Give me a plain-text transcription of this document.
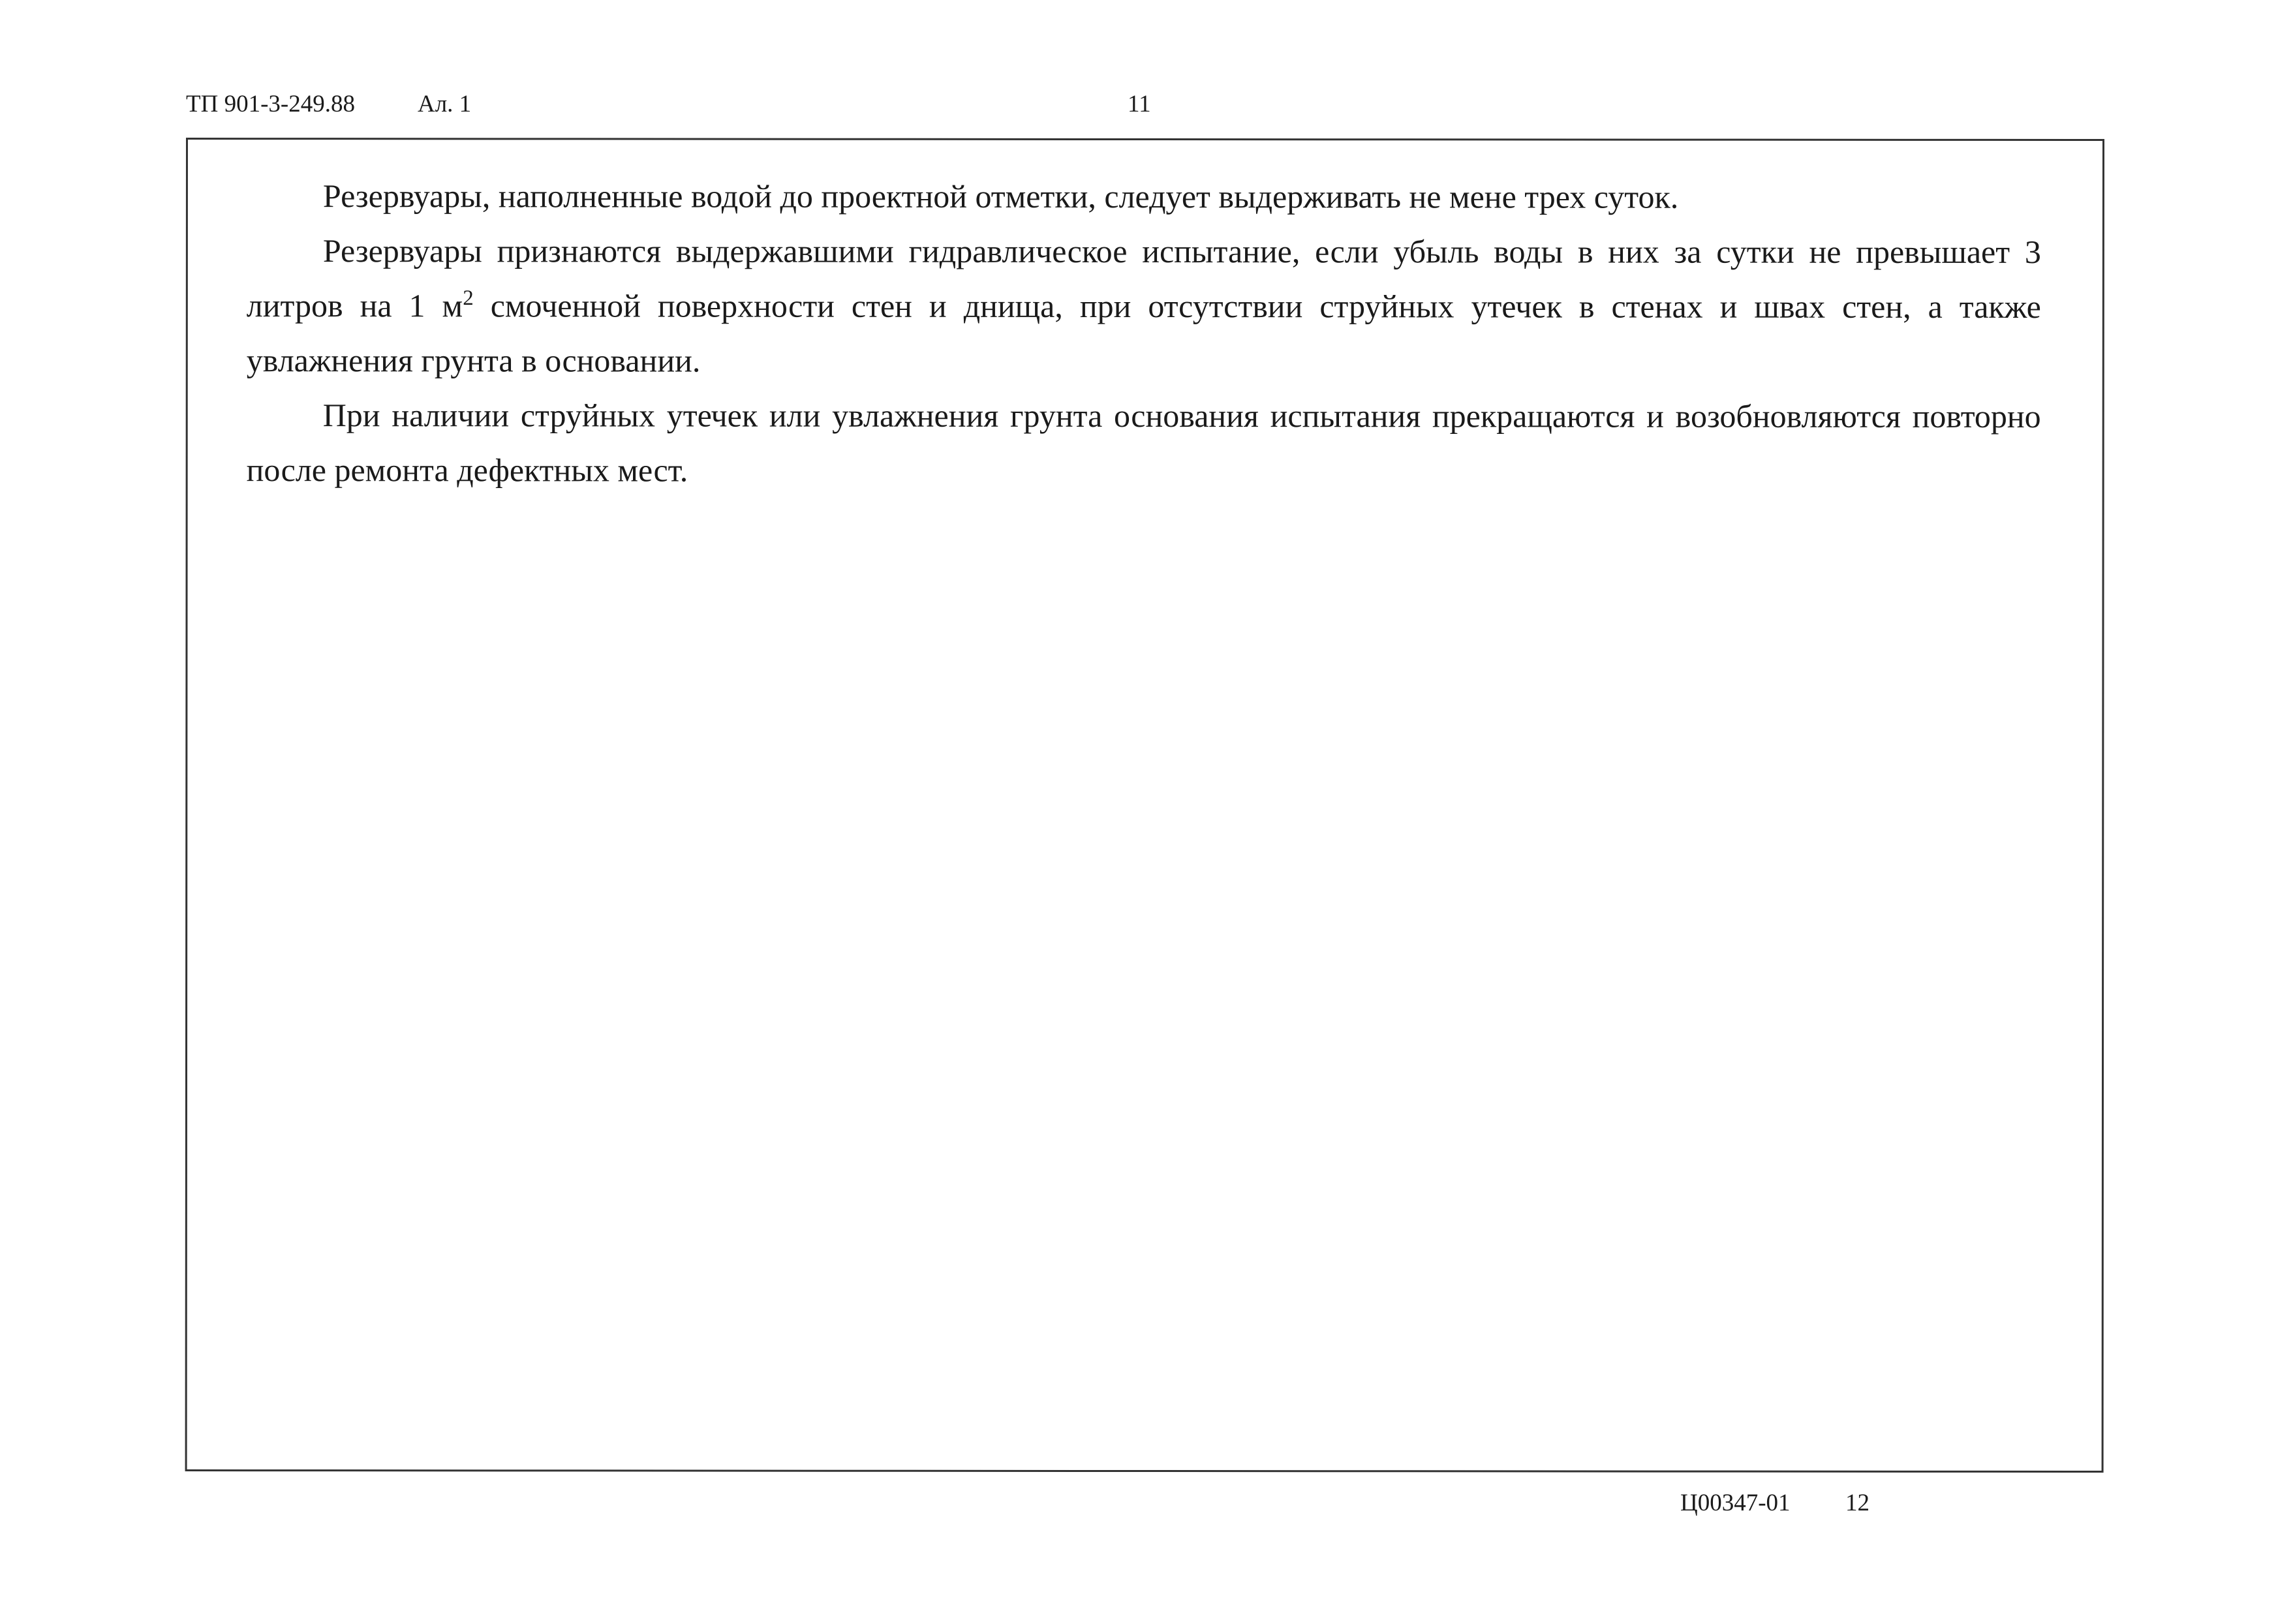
ТП 901-3-249.88	Ал. 1	11

Резервуары, наполненные водой до проектной отметки, следует выдерживать не мене трех суток.

Резервуары признаются выдержавшими гидравлическое испытание, если убыль воды в них за сутки не превышает 3 литров на 1 $м^2$ смоченной поверхности стен и днища, при отсутствии струйных утечек в стенах и швах стен, а также увлажнения грунта в основании.

При наличии струйных утечек или увлажнения грунта основания испытания прекращаются и возобновляются повторно после ремонта дефектных мест.

Ц00347-01 12
